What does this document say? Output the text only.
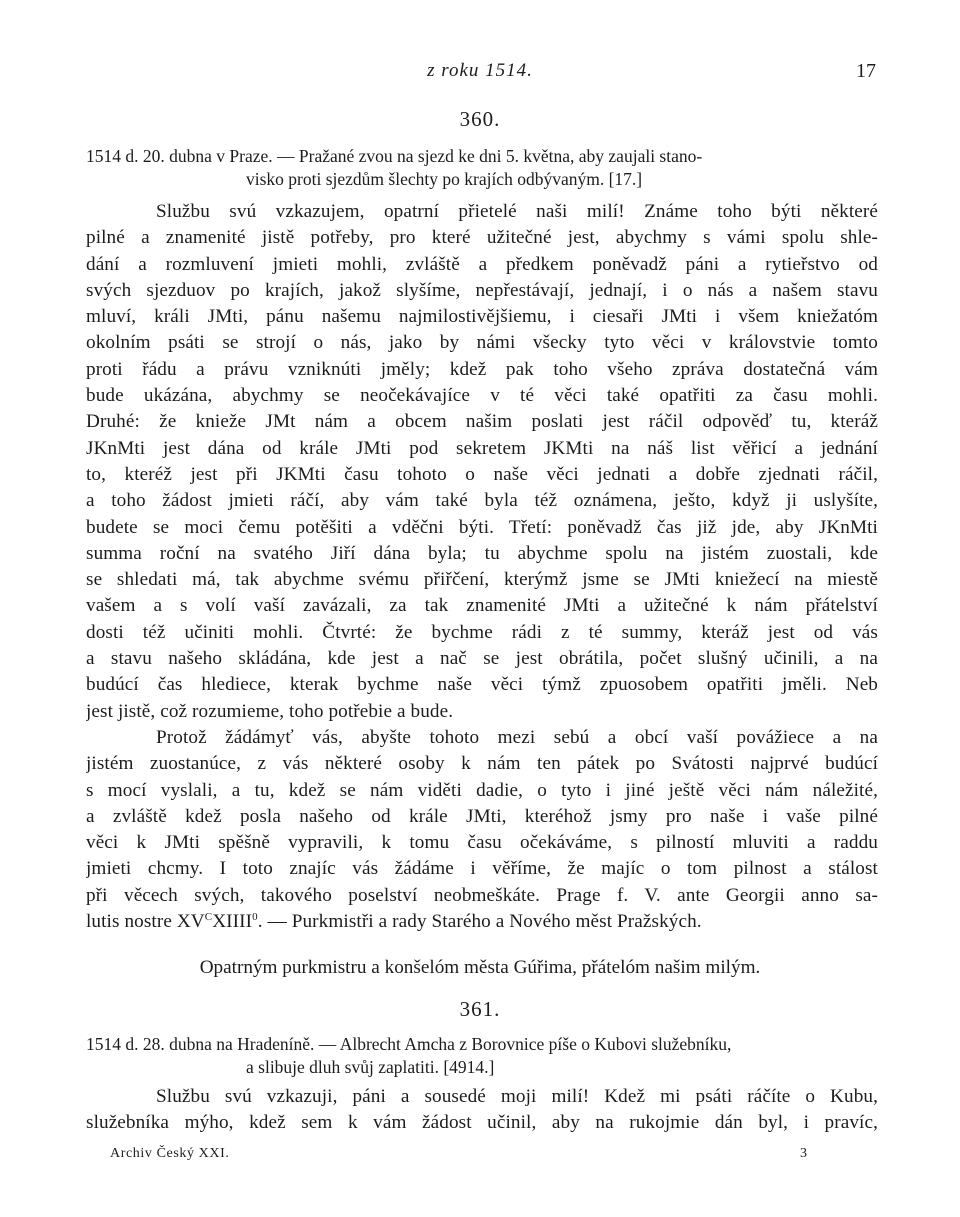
z roku 1514.	17
360.
1514 d. 20. dubna v Praze. — Pražané zvou na sjezd ke dni 5. května, aby zaujali stano-
visko proti sjezdům šlechty po krajích odbývaným. [17.]
Službu svú vzkazujem, opatrní přietelé naši milí! Známe toho býti některé
pilné a znamenité jistě potřeby, pro které užitečné jest, abychmy s vámi spolu shle-
dání a rozmluvení jmieti mohli, zvláště a předkem poněvadž páni a rytieřstvo od
svých sjezduov po krajích, jakož slyšíme, nepřestávají, jednají, i o nás a našem stavu
mluví, králi JMti, pánu našemu najmilostivějšiemu, i ciesaři JMti i všem kniežatóm
okolním psáti se strojí o nás, jako by námi všecky tyto věci v královstvie tomto
proti řádu a právu vzniknúti jměly; kdež pak toho všeho zpráva dostatečná vám
bude ukázána, abychmy se neočekávajíce v té věci také opatřiti za času mohli.
Druhé: že knieže JMt nám a obcem našim poslati jest ráčil odpověď tu, kteráž
JKnMti jest dána od krále JMti pod sekretem JKMti na náš list věřicí a jednání
to, kteréž jest při JKMti času tohoto o naše věci jednati a dobře zjednati ráčil,
a toho žádost jmieti ráčí, aby vám také byla též oznámena, ješto, když ji uslyšíte,
budete se moci čemu potěšiti a vděčni býti. Třetí: poněvadž čas již jde, aby JKnMti
summa roční na svatého Jiří dána byla; tu abychme spolu na jistém zuostali, kde
se shledati má, tak abychme svému přiřčení, kterýmž jsme se JMti kniežecí na miestě
vašem a s volí vaší zavázali, za tak znamenité JMti a užitečné k nám přátelství
dosti též učiniti mohli. Čtvrté: že bychme rádi z té summy, kteráž jest od vás
a stavu našeho skládána, kde jest a nač se jest obrátila, počet slušný učinili, a na
budúcí čas hlediece, kterak bychme naše věci týmž zpuosobem opatřiti jměli. Neb
jest jistě, což rozumieme, toho potřebie a bude.
Protož žádámyť vás, abyšte tohoto mezi sebú a obcí vaší povážiece a na
jistém zuostanúce, z vás některé osoby k nám ten pátek po Svátosti najprvé budúcí
s mocí vyslali, a tu, kdež se nám viděti dadie, o tyto i jiné ještě věci nám náležité,
a zvláště kdež posla našeho od krále JMti, kteréhož jsmy pro naše i vaše pilné
věci k JMti spěšně vypravili, k tomu času očekáváme, s pilností mluviti a raddu
jmieti chcmy. I toto znajíc vás žádáme i věříme, že majíc o tom pilnost a stálost
při věcech svých, takového poselství neobmeškáte. Prage f. V. ante Georgii anno sa-
lutis nostre $XV^CXIIII^0$. — Purkmistři a rady Starého a Nového měst Pražských.
Opatrným purkmistru a konšelóm města Gúřima, přátelóm našim milým.
361.
1514 d. 28. dubna na Hradeníně. — Albrecht Amcha z Borovnice píše o Kubovi služebníku,
a slibuje dluh svůj zaplatiti. [4914.]
Službu svú vzkazuji, páni a sousedé moji milí! Kdež mi psáti ráčíte o Kubu,
služebníka mýho, kdež sem k vám žádost učinil, aby na rukojmie dán byl, i pravíc,
Archiv Český XXI.	3
